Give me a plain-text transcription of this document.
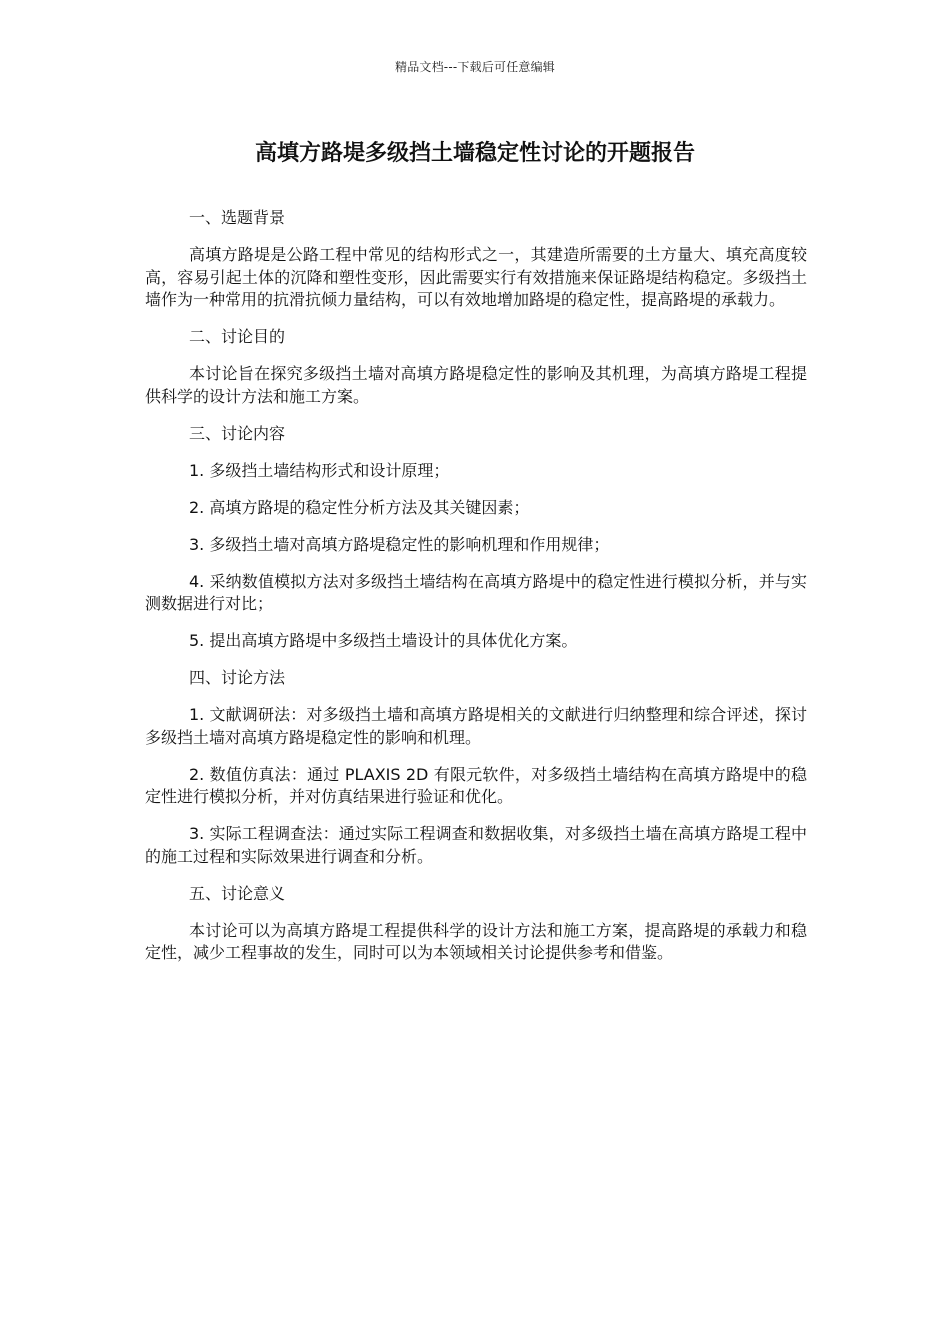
精品文档---下载后可任意编辑
高填方路堤多级挡土墙稳定性讨论的开题报告

一、选题背景

高填方路堤是公路工程中常见的结构形式之一，其建造所需要的土方量大、填充高度较高，容易引起土体的沉降和塑性变形，因此需要实行有效措施来保证路堤结构稳定。多级挡土墙作为一种常用的抗滑抗倾力量结构，可以有效地增加路堤的稳定性，提高路堤的承载力。

二、讨论目的

本讨论旨在探究多级挡土墙对高填方路堤稳定性的影响及其机理，为高填方路堤工程提供科学的设计方法和施工方案。

三、讨论内容

1. 多级挡土墙结构形式和设计原理；

2. 高填方路堤的稳定性分析方法及其关键因素；

3. 多级挡土墙对高填方路堤稳定性的影响机理和作用规律；

4. 采纳数值模拟方法对多级挡土墙结构在高填方路堤中的稳定性进行模拟分析，并与实测数据进行对比；

5. 提出高填方路堤中多级挡土墙设计的具体优化方案。

四、讨论方法

1. 文献调研法：对多级挡土墙和高填方路堤相关的文献进行归纳整理和综合评述，探讨多级挡土墙对高填方路堤稳定性的影响和机理。

2. 数值仿真法：通过 PLAXIS 2D 有限元软件，对多级挡土墙结构在高填方路堤中的稳定性进行模拟分析，并对仿真结果进行验证和优化。

3. 实际工程调查法：通过实际工程调查和数据收集，对多级挡土墙在高填方路堤工程中的施工过程和实际效果进行调查和分析。

五、讨论意义

本讨论可以为高填方路堤工程提供科学的设计方法和施工方案，提高路堤的承载力和稳定性，减少工程事故的发生，同时可以为本领域相关讨论提供参考和借鉴。
